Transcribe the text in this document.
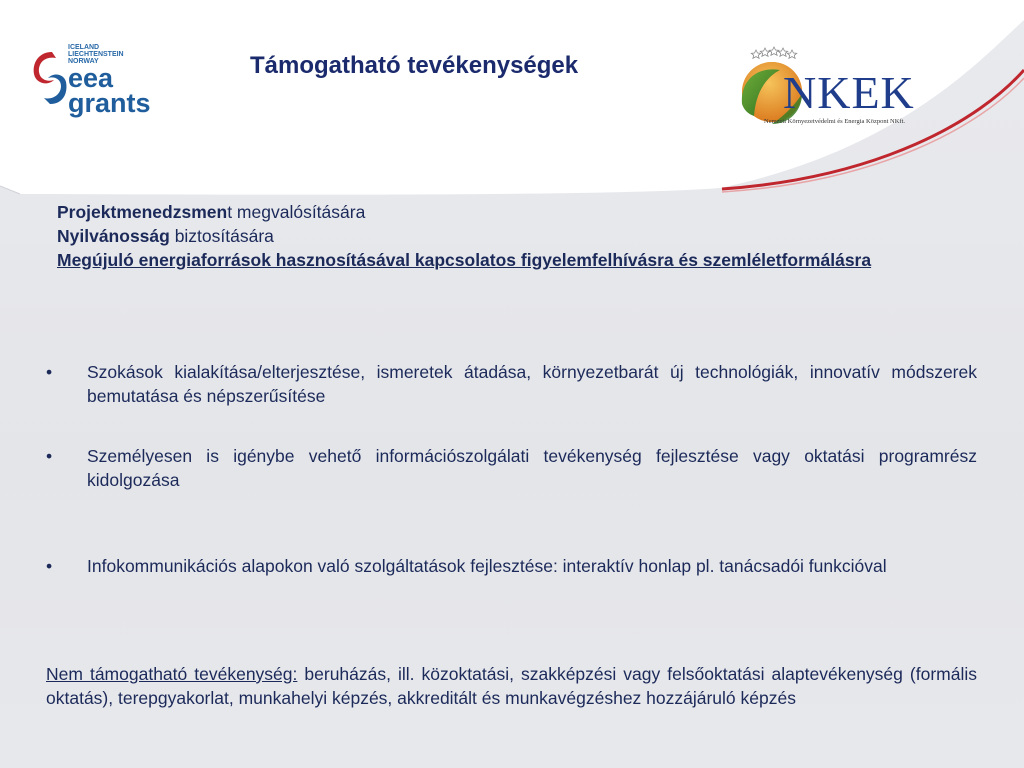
ICELAND
LIECHTENSTEIN
NORWAY
eea
grants
Támogatható tevékenységek
NKEK
Nemzeti Környezetvédelmi és Energia Központ NKft.

Projektmenedzsment megvalósítására

Nyilvánosság biztosítására

Megújuló energiaforrások hasznosításával kapcsolatos figyelemfelhívásra és szemléletformálásra

• Szokások kialakítása/elterjesztése, ismeretek átadása, környezetbarát új technológiák, innovatív módszerek bemutatása és népszerűsítése
• Személyesen is igénybe vehető információszolgálati tevékenység fejlesztése vagy oktatási programrész kidolgozása
• Infokommunikációs alapokon való szolgáltatások fejlesztése: interaktív honlap pl. tanácsadói funkcióval
Nem támogatható tevékenység: beruházás, ill. közoktatási, szakképzési vagy felsőoktatási alaptevékenység (formális oktatás), terepgyakorlat, munkahelyi képzés, akkreditált és munkavégzéshez hozzájáruló képzés
